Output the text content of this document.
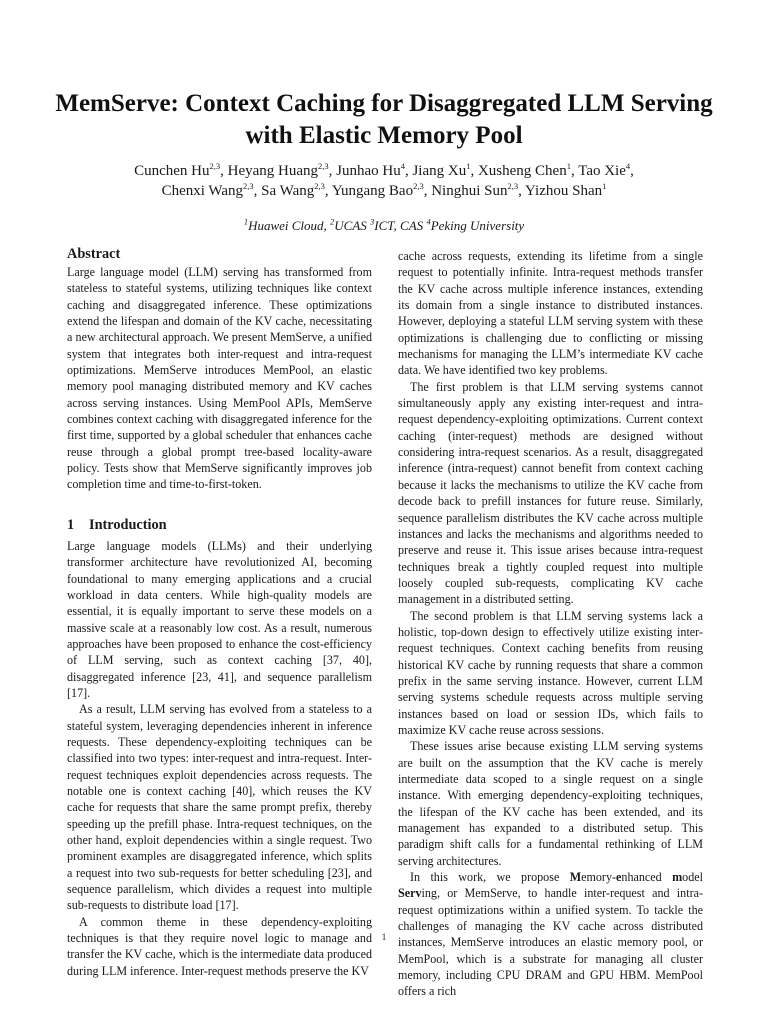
MemServe: Context Caching for Disaggregated LLM Serving with Elastic Memory Pool
Cunchen Hu$^{2,3}$, Heyang Huang$^{2,3}$, Junhao Hu$^4$, Jiang Xu$^1$, Xusheng Chen$^1$, Tao Xie$^4$,
Chenxi Wang$^{2,3}$, Sa Wang$^{2,3}$, Yungang Bao$^{2,3}$, Ninghui Sun$^{2,3}$, Yizhou Shan$^1$
$^1$Huawei Cloud, $^2$UCAS $^3$ICT, CAS $^4$Peking University
Abstract

Large language model (LLM) serving has transformed from stateless to stateful systems, utilizing techniques like context caching and disaggregated inference. These optimizations extend the lifespan and domain of the KV cache, necessitating a new architectural approach. We present MemServe, a unified system that integrates both inter-request and intra-request optimizations. MemServe introduces MemPool, an elastic memory pool managing distributed memory and KV caches across serving instances. Using MemPool APIs, MemServe combines context caching with disaggregated inference for the first time, supported by a global scheduler that enhances cache reuse through a global prompt tree-based locality-aware policy. Tests show that MemServe significantly improves job completion time and time-to-first-token.

1 Introduction

Large language models (LLMs) and their underlying transformer architecture have revolutionized AI, becoming foundational to many emerging applications and a crucial workload in data centers. While high-quality models are essential, it is equally important to serve these models on a massive scale at a reasonably low cost. As a result, numerous approaches have been proposed to enhance the cost-efficiency of LLM serving, such as context caching [37, 40], disaggregated inference [23, 41], and sequence parallelism [17].

As a result, LLM serving has evolved from a stateless to a stateful system, leveraging dependencies inherent in inference requests. These dependency-exploiting techniques can be classified into two types: inter-request and intra-request. Inter-request techniques exploit dependencies across requests. The notable one is context caching [40], which reuses the KV cache for requests that share the same prompt prefix, thereby speeding up the prefill phase. Intra-request techniques, on the other hand, exploit dependencies within a single request. Two prominent examples are disaggregated inference, which splits a request into two sub-requests for better scheduling [23], and sequence parallelism, which divides a request into multiple sub-requests to distribute load [17].

A common theme in these dependency-exploiting techniques is that they require novel logic to manage and transfer the KV cache, which is the intermediate data produced during LLM inference. Inter-request methods preserve the KV

cache across requests, extending its lifetime from a single request to potentially infinite. Intra-request methods transfer the KV cache across multiple inference instances, extending its domain from a single instance to distributed instances. However, deploying a stateful LLM serving system with these optimizations is challenging due to conflicting or missing mechanisms for managing the LLM’s intermediate KV cache data. We have identified two key problems.

The first problem is that LLM serving systems cannot simultaneously apply any existing inter-request and intra-request dependency-exploiting optimizations. Current context caching (inter-request) methods are designed without considering intra-request scenarios. As a result, disaggregated inference (intra-request) cannot benefit from context caching because it lacks the mechanisms to utilize the KV cache from decode back to prefill instances for future reuse. Similarly, sequence parallelism distributes the KV cache across multiple instances and lacks the mechanisms and algorithms needed to preserve and reuse it. This issue arises because intra-request techniques break a tightly coupled request into multiple loosely coupled sub-requests, complicating KV cache management in a distributed setting.

The second problem is that LLM serving systems lack a holistic, top-down design to effectively utilize existing inter-request techniques. Context caching benefits from reusing historical KV cache by running requests that share a common prefix in the same serving instance. However, current LLM serving systems schedule requests across multiple serving instances based on load or session IDs, which fails to maximize KV cache reuse across sessions.

These issues arise because existing LLM serving systems are built on the assumption that the KV cache is merely intermediate data scoped to a single request on a single instance. With emerging dependency-exploiting techniques, the lifespan of the KV cache has been extended, and its management has expanded to a distributed setup. This paradigm shift calls for a fundamental rethinking of LLM serving architectures.

In this work, we propose Memory-enhanced model Serving, or MemServe, to handle inter-request and intra-request optimizations within a unified system. To tackle the challenges of managing the KV cache across distributed instances, MemServe introduces an elastic memory pool, or MemPool, which is a substrate for managing all cluster memory, including CPU DRAM and GPU HBM. MemPool offers a rich

1
